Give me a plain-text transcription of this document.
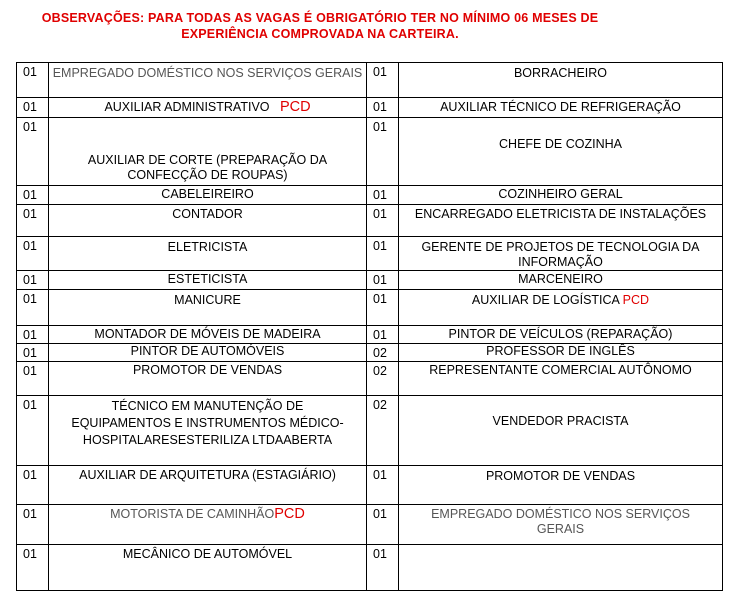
OBSERVAÇÕES: PARA TODAS AS VAGAS É OBRIGATÓRIO TER NO MÍNIMO 06 MESES DE
EXPERIÊNCIA COMPROVADA NA CARTEIRA.
01	EMPREGADO DOMÉSTICO NOS SERVIÇOS GERAIS	01	BORRACHEIRO
01	AUXILIAR ADMINISTRATIVO PCD	01	AUXILIAR TÉCNICO DE REFRIGERAÇÃO
01	AUXILIAR DE CORTE (PREPARAÇÃO DA CONFECÇÃO DE ROUPAS)	01	CHEFE DE COZINHA
01	CABELEIREIRO	01	COZINHEIRO GERAL
01	CONTADOR	01	ENCARREGADO ELETRICISTA DE INSTALAÇÕES
01	ELETRICISTA	01	GERENTE DE PROJETOS DE TECNOLOGIA DA INFORMAÇÃO
01	ESTETICISTA	01	MARCENEIRO
01	MANICURE	01	AUXILIAR DE LOGÍSTICA PCD
01	MONTADOR DE MÓVEIS DE MADEIRA	01	PINTOR DE VEÍCULOS (REPARAÇÃO)
01	PINTOR DE AUTOMÓVEIS	02	PROFESSOR DE INGLÊS
01	PROMOTOR DE VENDAS	02	REPRESENTANTE COMERCIAL AUTÔNOMO
01	TÉCNICO EM MANUTENÇÃO DE EQUIPAMENTOS E INSTRUMENTOS MÉDICO-HOSPITALARESESTERILIZA LTDAABERTA	02	VENDEDOR PRACISTA
01	AUXILIAR DE ARQUITETURA (ESTAGIÁRIO)	01	PROMOTOR DE VENDAS
01	MOTORISTA DE CAMINHÃOPCD	01	EMPREGADO DOMÉSTICO NOS SERVIÇOS GERAIS
01	MECÂNICO DE AUTOMÓVEL	01	
